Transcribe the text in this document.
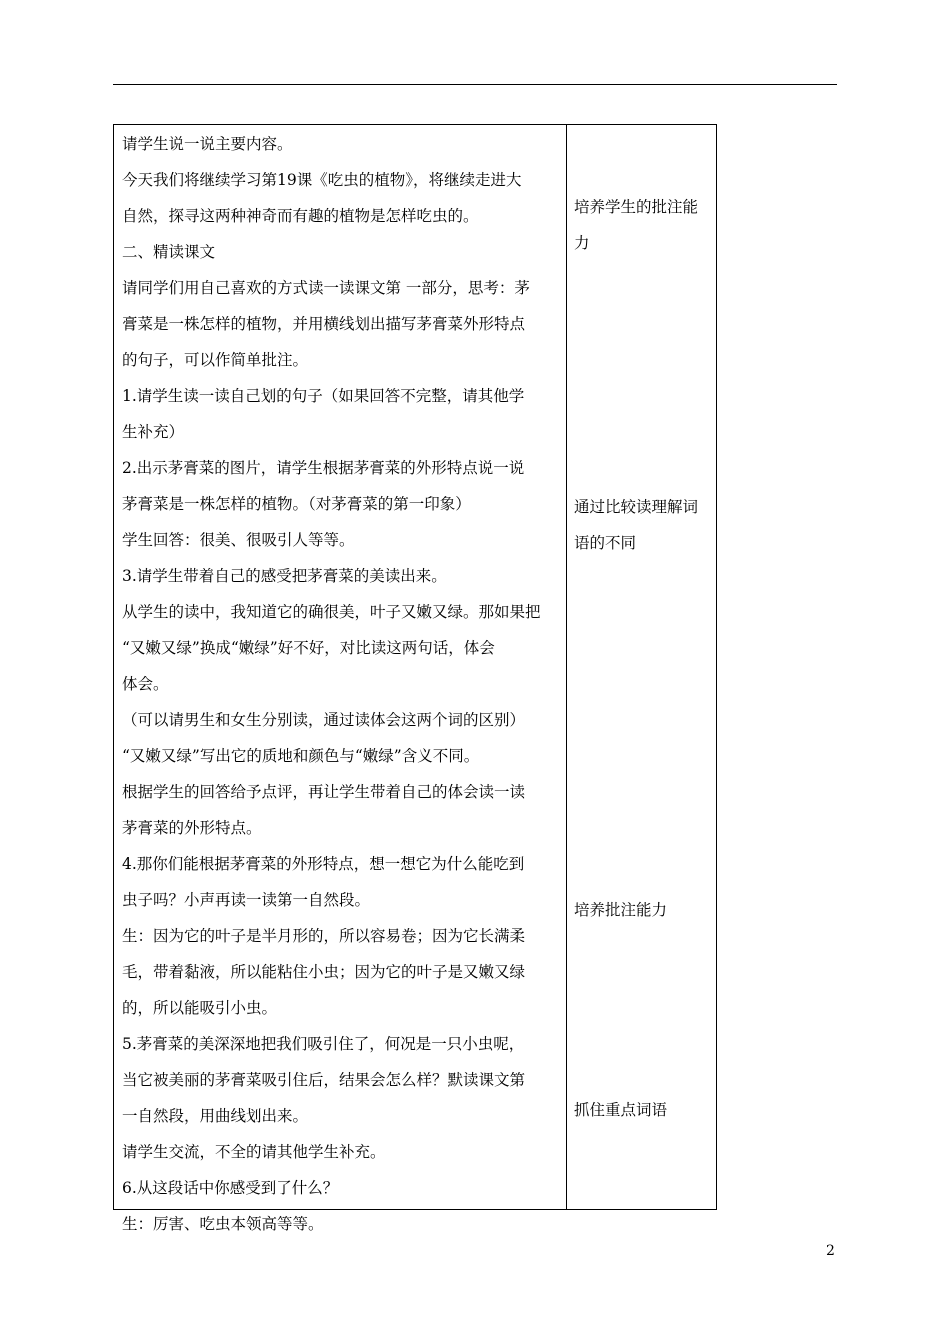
请学生说一说主要内容。

今天我们将继续学习第19课《吃虫的植物》，将继续走进大

自然，探寻这两种神奇而有趣的植物是怎样吃虫的。

二、精读课文

请同学们用自己喜欢的方式读一读课文第 一部分，思考：茅

膏菜是一株怎样的植物，并用横线划出描写茅膏菜外形特点

的句子，可以作简单批注。

1.请学生读一读自己划的句子（如果回答不完整，请其他学

生补充）

2.出示茅膏菜的图片，请学生根据茅膏菜的外形特点说一说

茅膏菜是一株怎样的植物。（对茅膏菜的第一印象）

学生回答：很美、很吸引人等等。

3.请学生带着自己的感受把茅膏菜的美读出来。

从学生的读中，我知道它的确很美，叶子又嫩又绿。那如果把

“又嫩又绿”换成“嫩绿”好不好，对比读这两句话，体会

体会。

（可以请男生和女生分别读，通过读体会这两个词的区别）

“又嫩又绿”写出它的质地和颜色与“嫩绿”含义不同。

根据学生的回答给予点评，再让学生带着自己的体会读一读

茅膏菜的外形特点。

4.那你们能根据茅膏菜的外形特点，想一想它为什么能吃到

虫子吗？小声再读一读第一自然段。

生：因为它的叶子是半月形的，所以容易卷；因为它长满柔

毛，带着黏液，所以能粘住小虫；因为它的叶子是又嫩又绿

的，所以能吸引小虫。

5.茅膏菜的美深深地把我们吸引住了，何况是一只小虫呢，

当它被美丽的茅膏菜吸引住后，结果会怎么样？默读课文第

一自然段，用曲线划出来。

请学生交流，不全的请其他学生补充。

6.从这段话中你感受到了什么？

生：厉害、吃虫本领高等等。

培养学生的批注能

力

通过比较读理解词

语的不同

培养批注能力

抓住重点词语

2
